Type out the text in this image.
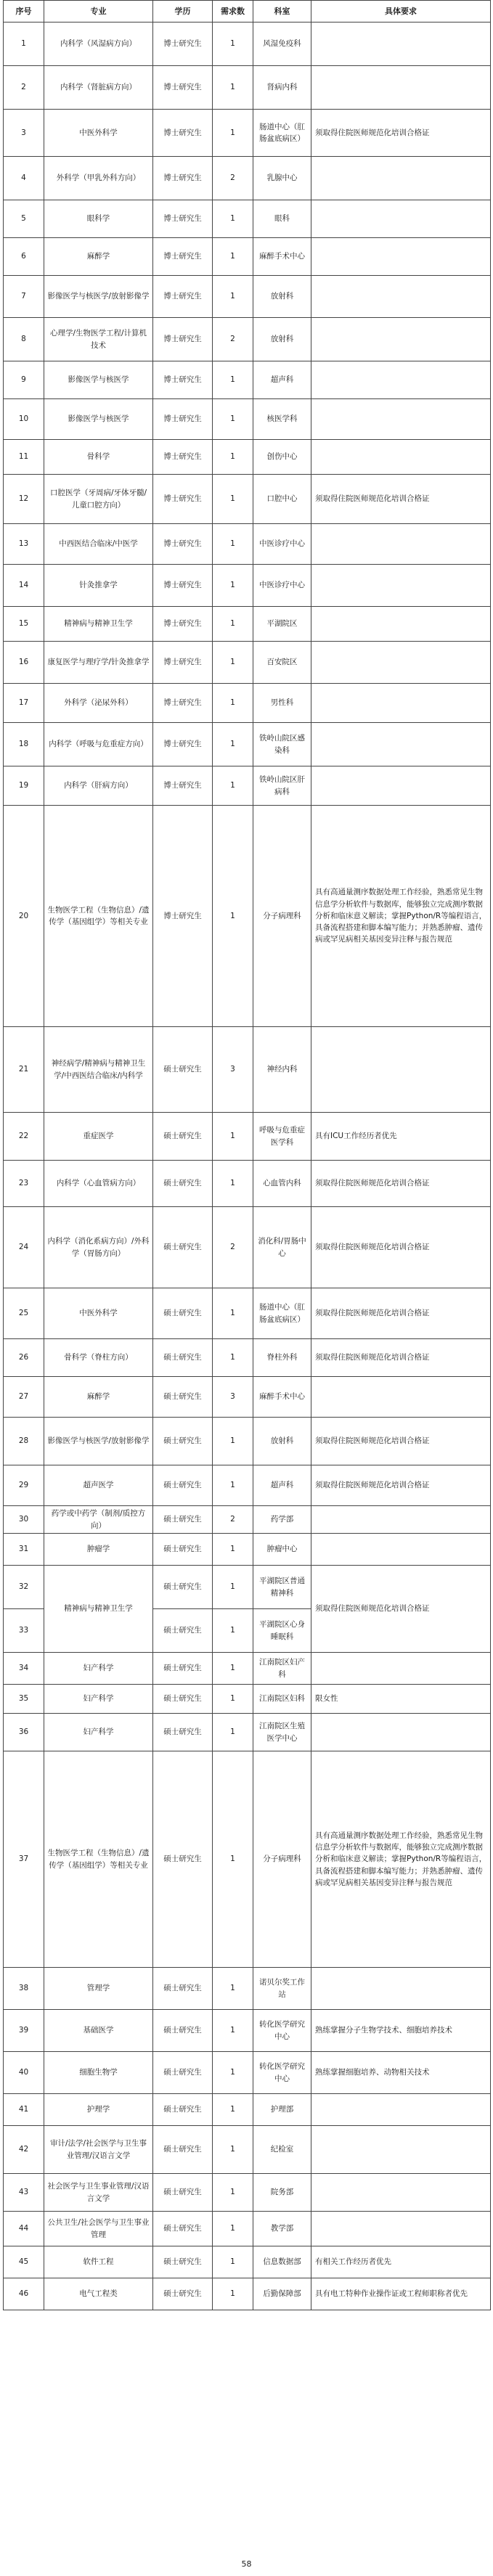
序号	专业	学历	需求数	科室	具体要求
1	内科学（风湿病方向）	博士研究生	1	风湿免疫科	
2	内科学（肾脏病方向）	博士研究生	1	肾病内科	
3	中医外科学	博士研究生	1	肠道中心（肛肠盆底病区）	须取得住院医师规范化培训合格证
4	外科学（甲乳外科方向）	博士研究生	2	乳腺中心	
5	眼科学	博士研究生	1	眼科	
6	麻醉学	博士研究生	1	麻醉手术中心	
7	影像医学与核医学/放射影像学	博士研究生	1	放射科	
8	心理学/生物医学工程/计算机技术	博士研究生	2	放射科	
9	影像医学与核医学	博士研究生	1	超声科	
10	影像医学与核医学	博士研究生	1	核医学科	
11	骨科学	博士研究生	1	创伤中心	
12	口腔医学（牙周病/牙体牙髓/儿童口腔方向）	博士研究生	1	口腔中心	须取得住院医师规范化培训合格证
13	中西医结合临床/中医学	博士研究生	1	中医诊疗中心	
14	针灸推拿学	博士研究生	1	中医诊疗中心	
15	精神病与精神卫生学	博士研究生	1	平湖院区	
16	康复医学与理疗学/针灸推拿学	博士研究生	1	百安院区	
17	外科学（泌尿外科）	博士研究生	1	男性科	
18	内科学（呼吸与危重症方向）	博士研究生	1	铁岭山院区感染科	
19	内科学（肝病方向）	博士研究生	1	铁岭山院区肝病科	
20	生物医学工程（生物信息）/遗传学（基因组学）等相关专业	博士研究生	1	分子病理科	具有高通量测序数据处理工作经验，熟悉常见生物信息学分析软件与数据库，能够独立完成测序数据分析和临床意义解读；掌握Python/R等编程语言，具备流程搭建和脚本编写能力；并熟悉肿瘤、遗传病或罕见病相关基因变异注释与报告规范
21	神经病学/精神病与精神卫生学/中西医结合临床/内科学	硕士研究生	3	神经内科	
22	重症医学	硕士研究生	1	呼吸与危重症医学科	具有ICU工作经历者优先
23	内科学（心血管病方向）	硕士研究生	1	心血管内科	须取得住院医师规范化培训合格证
24	内科学（消化系病方向）/外科学（胃肠方向）	硕士研究生	2	消化科/胃肠中心	须取得住院医师规范化培训合格证
25	中医外科学	硕士研究生	1	肠道中心（肛肠盆底病区）	须取得住院医师规范化培训合格证
26	骨科学（脊柱方向）	硕士研究生	1	脊柱外科	须取得住院医师规范化培训合格证
27	麻醉学	硕士研究生	3	麻醉手术中心	
28	影像医学与核医学/放射影像学	硕士研究生	1	放射科	须取得住院医师规范化培训合格证
29	超声医学	硕士研究生	1	超声科	须取得住院医师规范化培训合格证
30	药学或中药学（制剂/质控方向）	硕士研究生	2	药学部	
31	肿瘤学	硕士研究生	1	肿瘤中心	
32	精神病与精神卫生学	硕士研究生	1	平湖院区普通精神科	须取得住院医师规范化培训合格证
33		硕士研究生	1	平湖院区心身睡眠科	
34	妇产科学	硕士研究生	1	江南院区妇产科	
35	妇产科学	硕士研究生	1	江南院区妇科	限女性
36	妇产科学	硕士研究生	1	江南院区生殖医学中心	
37	生物医学工程（生物信息）/遗传学（基因组学）等相关专业	硕士研究生	1	分子病理科	具有高通量测序数据处理工作经验，熟悉常见生物信息学分析软件与数据库，能够独立完成测序数据分析和临床意义解读；掌握Python/R等编程语言，具备流程搭建和脚本编写能力；并熟悉肿瘤、遗传病或罕见病相关基因变异注释与报告规范
38	管理学	硕士研究生	1	诺贝尔奖工作站	
39	基础医学	硕士研究生	1	转化医学研究中心	熟练掌握分子生物学技术、细胞培养技术
40	细胞生物学	硕士研究生	1	转化医学研究中心	熟练掌握细胞培养、动物相关技术
41	护理学	硕士研究生	1	护理部	
42	审计/法学/社会医学与卫生事业管理/汉语言文学	硕士研究生	1	纪检室	
43	社会医学与卫生事业管理/汉语言文学	硕士研究生	1	院务部	
44	公共卫生/社会医学与卫生事业管理	硕士研究生	1	教学部	
45	软件工程	硕士研究生	1	信息数据部	有相关工作经历者优先
46	电气工程类	硕士研究生	1	后勤保障部	具有电工特种作业操作证或工程师职称者优先
58
